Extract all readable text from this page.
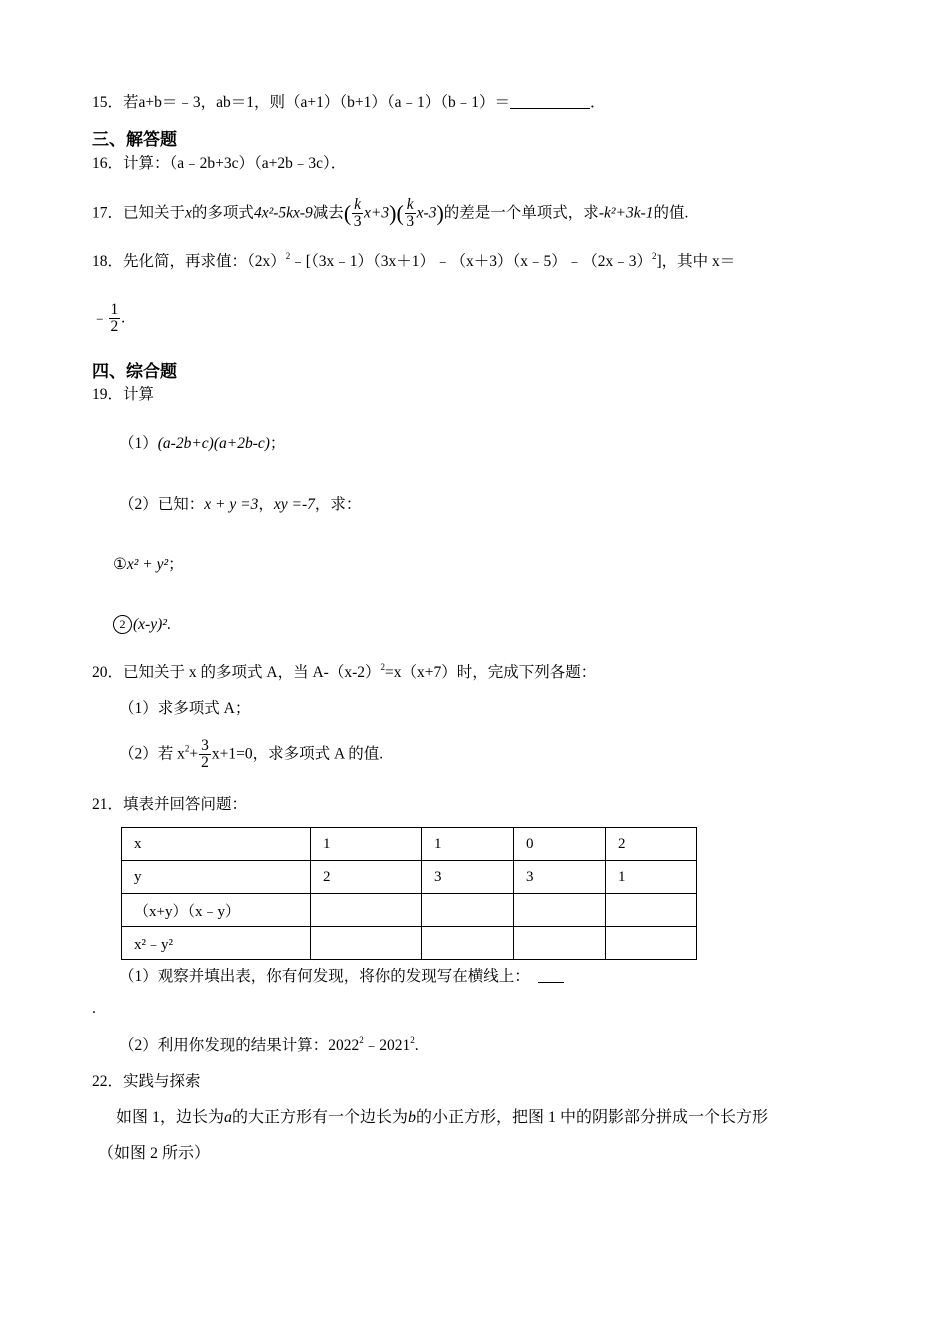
15．若a+b＝﹣3，ab＝1，则（a+1）（b+1）（a﹣1）（b﹣1）＝	．
三、解答题
16．计算：（a﹣2b+3c）（a+2b﹣3c）．
17．已知关于x的多项式4x²-5kx-9减去( $\frac{k}{3} x+3)( \frac{k}{3} x-3)$的差是一个单项式，求-k²+3k-1的值.
18．先化简，再求值：$(2x)^2﹣[(3x﹣1)(3x+1)﹣(x+3)(x﹣5)﹣(2x﹣3)^2]$，其中 x＝
﹣ $\frac{1}{2}$ .
四、综合题
19．计算
（1）(a-2b+c)(a+2b-c)；
（2）已知：x + y =3，xy =-7，求：
①x² + y²；
2 (x-y)².
20．已知关于 x 的多项式 A，当 $A-(x-2)^2=x(x+7)$时，完成下列各题：
（1）求多项式 A；
（2）若 $x^2+ \frac{3}{2} x+1=0$，求多项式 A 的值.
21．填表并回答问题：
x	1	1	0	2
y	2	3	3	1
（x+y）（x﹣y）				
x²﹣y²				
（1）观察并填出表，你有何发现，将你的发现写在横线上：
.
（2）利用你发现的结果计算：2022$^2$﹣2021$^2$.
22．实践与探索
如图 1，边长为a的大正方形有一个边长为b的小正方形，把图 1 中的阴影部分拼成一个长方形
（如图 2 所示）
